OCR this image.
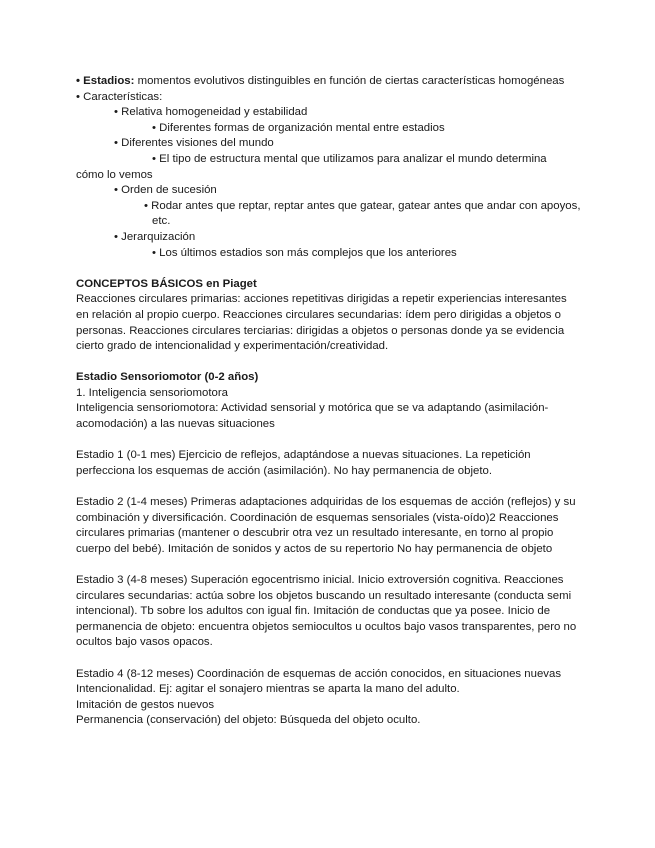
• Estadios: momentos evolutivos distinguibles en función de ciertas características homogéneas

• Características:

• Relativa homogeneidad y estabilidad

• Diferentes formas de organización mental entre estadios

• Diferentes visiones del mundo

• El tipo de estructura mental que utilizamos para analizar el mundo determina

cómo lo vemos

• Orden de sucesión

• Rodar antes que reptar, reptar antes que gatear, gatear antes que andar con apoyos, etc.

• Jerarquización

• Los últimos estadios son más complejos que los anteriores

CONCEPTOS BÁSICOS en Piaget

Reacciones circulares primarias: acciones repetitivas dirigidas a repetir experiencias interesantes en relación al propio cuerpo. Reacciones circulares secundarias: ídem pero dirigidas a objetos o personas. Reacciones circulares terciarias: dirigidas a objetos o personas donde ya se evidencia cierto grado de intencionalidad y experimentación/creatividad.

Estadio Sensoriomotor (0-2 años)

1. Inteligencia sensoriomotora

Inteligencia sensoriomotora: Actividad sensorial y motórica que se va adaptando (asimilación-acomodación) a las nuevas situaciones

Estadio 1 (0-1 mes) Ejercicio de reflejos, adaptándose a nuevas situaciones. La repetición perfecciona los esquemas de acción (asimilación). No hay permanencia de objeto.

Estadio 2 (1-4 meses) Primeras adaptaciones adquiridas de los esquemas de acción (reflejos) y su combinación y diversificación. Coordinación de esquemas sensoriales (vista-oído)2 Reacciones circulares primarias (mantener o descubrir otra vez un resultado interesante, en torno al propio cuerpo del bebé). Imitación de sonidos y actos de su repertorio No hay permanencia de objeto

Estadio 3 (4-8 meses) Superación egocentrismo inicial. Inicio extroversión cognitiva. Reacciones circulares secundarias: actúa sobre los objetos buscando un resultado interesante (conducta semi intencional). Tb sobre los adultos con igual fin. Imitación de conductas que ya posee. Inicio de permanencia de objeto: encuentra objetos semiocultos u ocultos bajo vasos transparentes, pero no ocultos bajo vasos opacos.

Estadio 4 (8-12 meses) Coordinación de esquemas de acción conocidos, en situaciones nuevas Intencionalidad. Ej: agitar el sonajero mientras se aparta la mano del adulto.

Imitación de gestos nuevos

Permanencia (conservación) del objeto: Búsqueda del objeto oculto.
